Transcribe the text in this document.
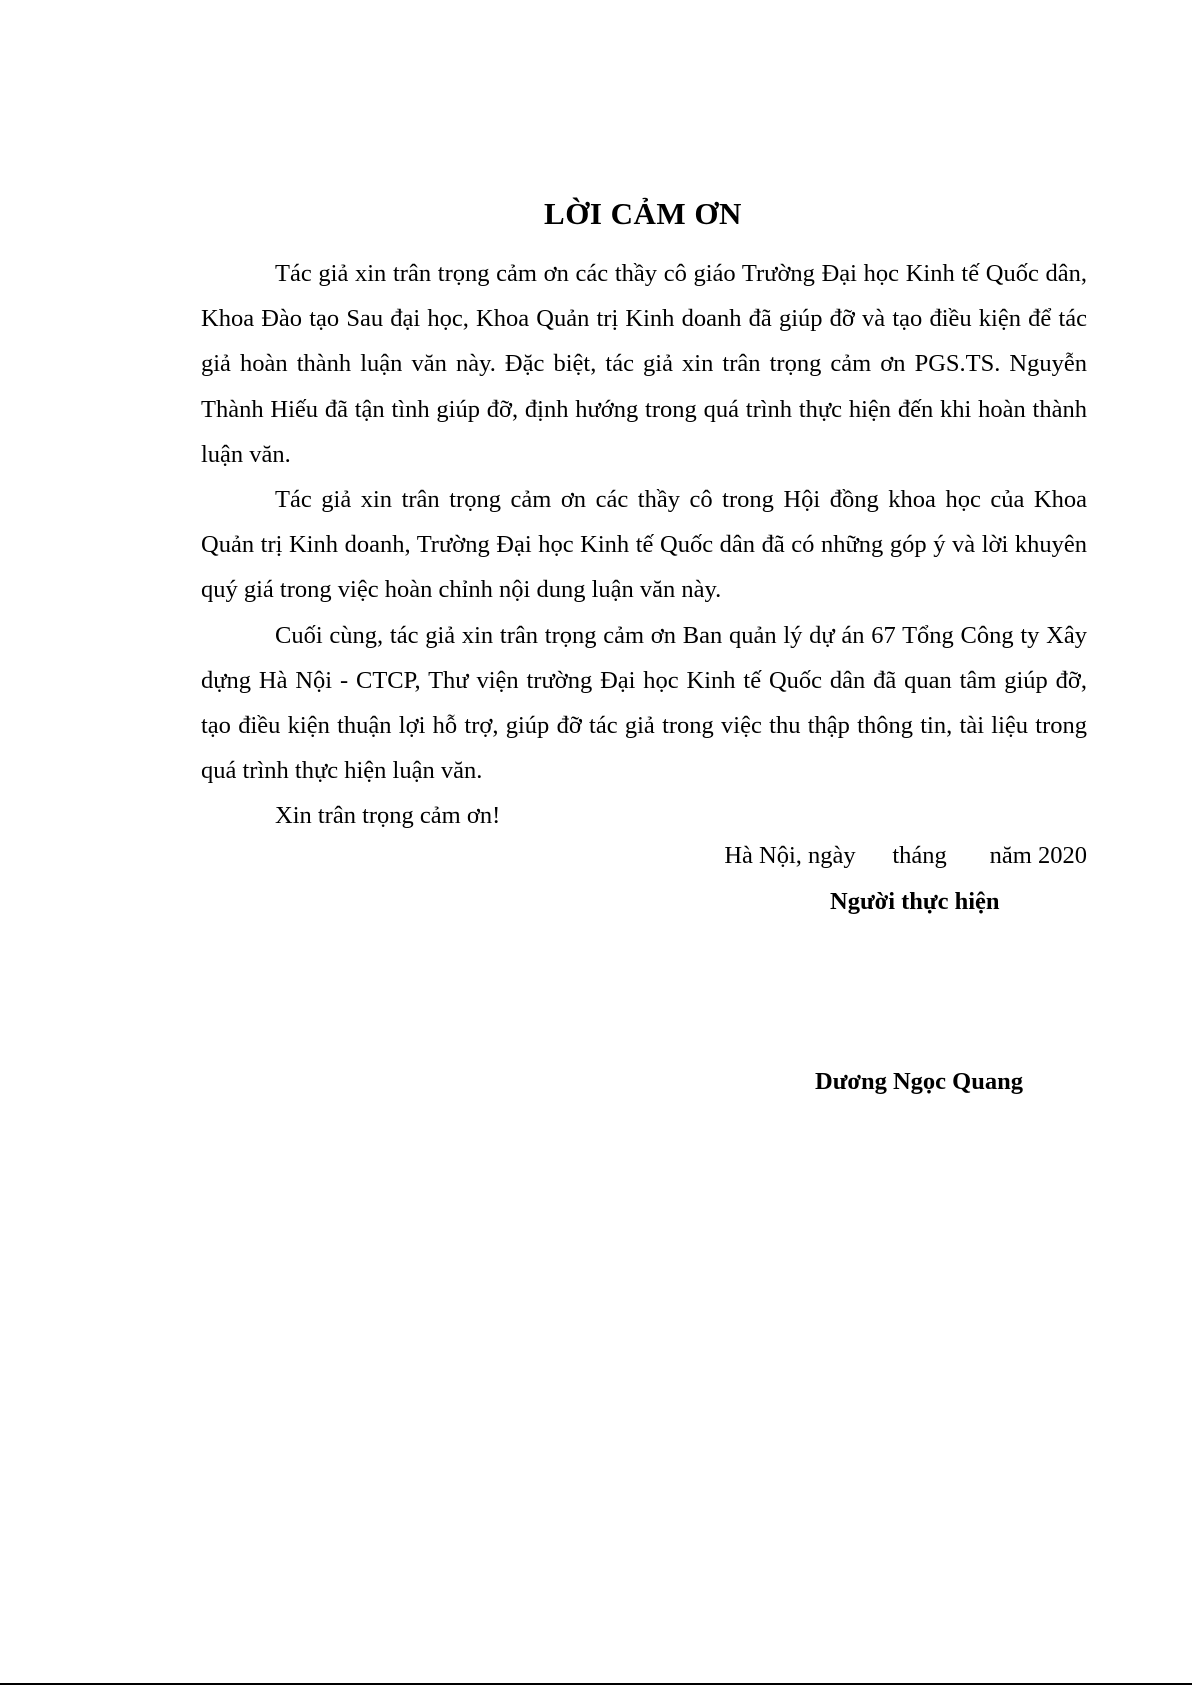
LỜI CẢM ƠN

Tác giả xin trân trọng cảm ơn các thầy cô giáo Trường Đại học Kinh tế Quốc dân, Khoa Đào tạo Sau đại học, Khoa Quản trị Kinh doanh đã giúp đỡ và tạo điều kiện để tác giả hoàn thành luận văn này. Đặc biệt, tác giả xin trân trọng cảm ơn PGS.TS. Nguyễn Thành Hiếu đã tận tình giúp đỡ, định hướng trong quá trình thực hiện đến khi hoàn thành luận văn.

Tác giả xin trân trọng cảm ơn các thầy cô trong Hội đồng khoa học của Khoa Quản trị Kinh doanh, Trường Đại học Kinh tế Quốc dân đã có những góp ý và lời khuyên quý giá trong việc hoàn chỉnh nội dung luận văn này.

Cuối cùng, tác giả xin trân trọng cảm ơn Ban quản lý dự án 67 Tổng Công ty Xây dựng Hà Nội - CTCP, Thư viện trường Đại học Kinh tế Quốc dân đã quan tâm giúp đỡ, tạo điều kiện thuận lợi hỗ trợ, giúp đỡ tác giả trong việc thu thập thông tin, tài liệu trong quá trình thực hiện luận văn.

Xin trân trọng cảm ơn!

Hà Nội, ngày      tháng       năm 2020
Người thực hiện
Dương Ngọc Quang
